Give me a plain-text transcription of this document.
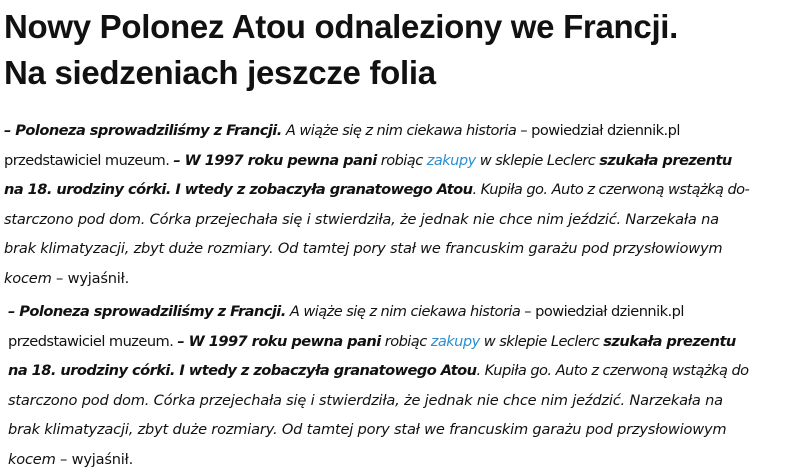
Nowy Polonez Atou odnaleziony we Francji.
Na siedzeniach jeszcze folia
– Poloneza sprowadziliśmy z Francji. A wiąże się z nim ciekawa historia – powiedział dziennik.pl
przedstawiciel muzeum. – W 1997 roku pewna pani robiąc zakupy w sklepie Leclerc szukała prezentu
na 18. urodziny córki. I wtedy z zobaczyła granatowego Atou. Kupiła go. Auto z czerwoną wstążką do-
starczono pod dom. Córka przejechała się i stwierdziła, że jednak nie chce nim jeździć. Narzekała na
brak klimatyzacji, zbyt duże rozmiary. Od tamtej pory stał we francuskim garażu pod przysłowiowym
kocem – wyjaśnił.
– Poloneza sprowadziliśmy z Francji. A wiąże się z nim ciekawa historia – powiedział dziennik.pl
przedstawiciel muzeum. – W 1997 roku pewna pani robiąc zakupy w sklepie Leclerc szukała prezentu
na 18. urodziny córki. I wtedy z zobaczyła granatowego Atou. Kupiła go. Auto z czerwoną wstążką do
starczono pod dom. Córka przejechała się i stwierdziła, że jednak nie chce nim jeździć. Narzekała na
brak klimatyzacji, zbyt duże rozmiary. Od tamtej pory stał we francuskim garażu pod przysłowiowym
kocem – wyjaśnił.
